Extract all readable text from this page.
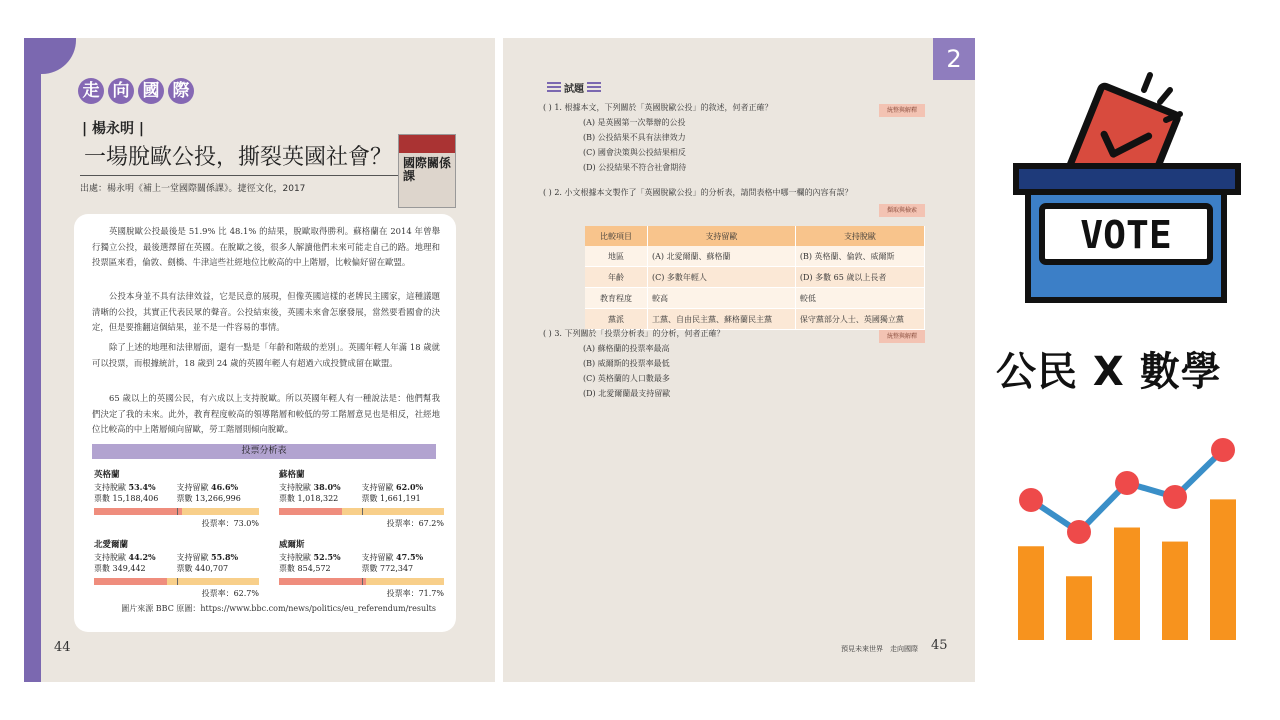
走 向 國 際
| 楊永明 |
一場脫歐公投，撕裂英國社會？ 國際關係課
出處：楊永明《補上一堂國際關係課》。捷徑文化，2017

英國脫歐公投最後是 51.9% 比 48.1% 的結果，脫歐取得勝利。蘇格蘭在 2014 年曾舉行獨立公投，最後選擇留在英國。在脫歐之後，很多人解讀他們未來可能走自己的路。地理和投票區來看，倫敦、劍橋、牛津這些社經地位比較高的中上階層，比較偏好留在歐盟。

公投本身並不具有法律效益，它是民意的展現，但像英國這樣的老牌民主國家，這種議題清晰的公投，其實正代表民眾的聲音。公投結束後，英國未來會怎麼發展，當然要看國會的決定，但是要推翻這個結果，並不是一件容易的事情。

除了上述的地理和法律層面，還有一點是「年齡和階級的差別」。英國年輕人年滿 18 歲就可以投票，而根據統計，18 歲到 24 歲的英國年輕人有超過六成投贊成留在歐盟。

65 歲以上的英國公民，有六成以上支持脫歐。所以英國年輕人有一種說法是：他們幫我們決定了我的未來。此外，教育程度較高的領導階層和較低的勞工階層意見也是相反，社經地位比較高的中上階層傾向留歐，勞工階層則傾向脫歐。

投票分析表
英格蘭
支持脫歐 53.4%
票數 15,188,406
支持留歐 46.6%
票數 13,266,996
投票率：73.0%
蘇格蘭
支持脫歐 38.0%
票數 1,018,322
支持留歐 62.0%
票數 1,661,191
投票率：67.2%
北愛爾蘭
支持脫歐 44.2%
票數 349,442
支持留歐 55.8%
票數 440,707
投票率：62.7%
威爾斯
支持脫歐 52.5%
票數 854,572
支持留歐 47.5%
票數 772,347
投票率：71.7%
圖片來源 BBC 原圖：https://www.bbc.com/news/politics/eu_referendum/results
44
2
試題
( ) 1. 根據本文，下列關於「英國脫歐公投」的敘述，何者正確？
(A) 是英國第一次舉辦的公投
(B) 公投結果不具有法律效力
(C) 國會決策與公投結果相反
(D) 公投結果不符合社會期待
統整與解釋
( ) 2. 小文根據本文製作了「英國脫歐公投」的分析表，請問表格中哪一欄的內容有誤？
擷取與檢索
比較項目	支持留歐	支持脫歐
地區	(A) 北愛爾蘭、蘇格蘭	(B) 英格蘭、倫敦、威爾斯
年齡	(C) 多數年輕人	(D) 多數 65 歲以上長者
教育程度	較高	較低
黨派	工黨、自由民主黨、蘇格蘭民主黨	保守黨部分人士、英國獨立黨
( ) 3. 下列關於「投票分析表」的分析，何者正確？
(A) 蘇格蘭的投票率最高
(B) 威爾斯的投票率最低
(C) 英格蘭的人口數最多
(D) 北愛爾蘭最支持留歐
統整與解釋
預見未來世界　走向國際 45
VOTE
公民 X 數學
